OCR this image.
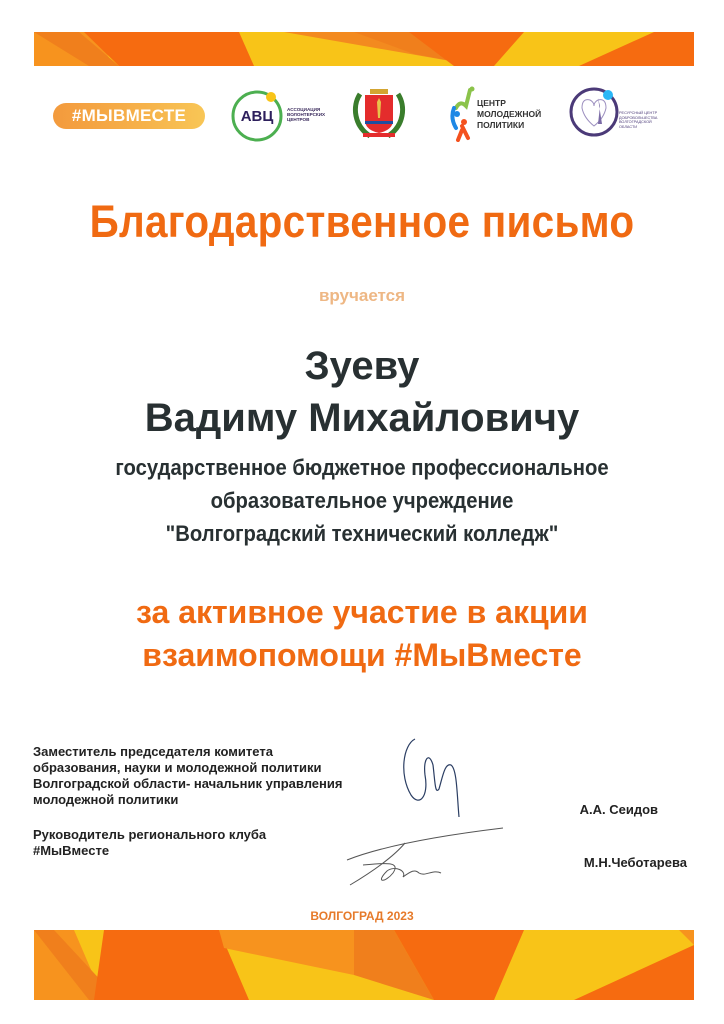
#МЫВМЕСТЕ	АВЦ	АССОЦИАЦИЯ
ВОЛОНТЕРСКИХ
ЦЕНТРОВ
ЦЕНТР
МОЛОДЕЖНОЙ
ПОЛИТИКИ
РЕСУРСНЫЙ ЦЕНТР
ДОБРОВОЛЬЧЕСТВА
ВОЛГОГРАДСКОЙ
ОБЛАСТИ
Благодарственное письмо
вручается
Зуеву
Вадиму Михайловичу
государственное бюджетное профессиональное
образовательное учреждение
"Волгоградский технический колледж"
за активное участие в акции
взаимопомощи #МыВместе
Заместитель председателя комитета
образования, науки и молодежной политики
Волгоградской области- начальник управления
молодежной политики
Руководитель регионального клуба
#МыВместе
А.А. Сеидов
М.Н.Чеботарева
ВОЛГОГРАД 2023
